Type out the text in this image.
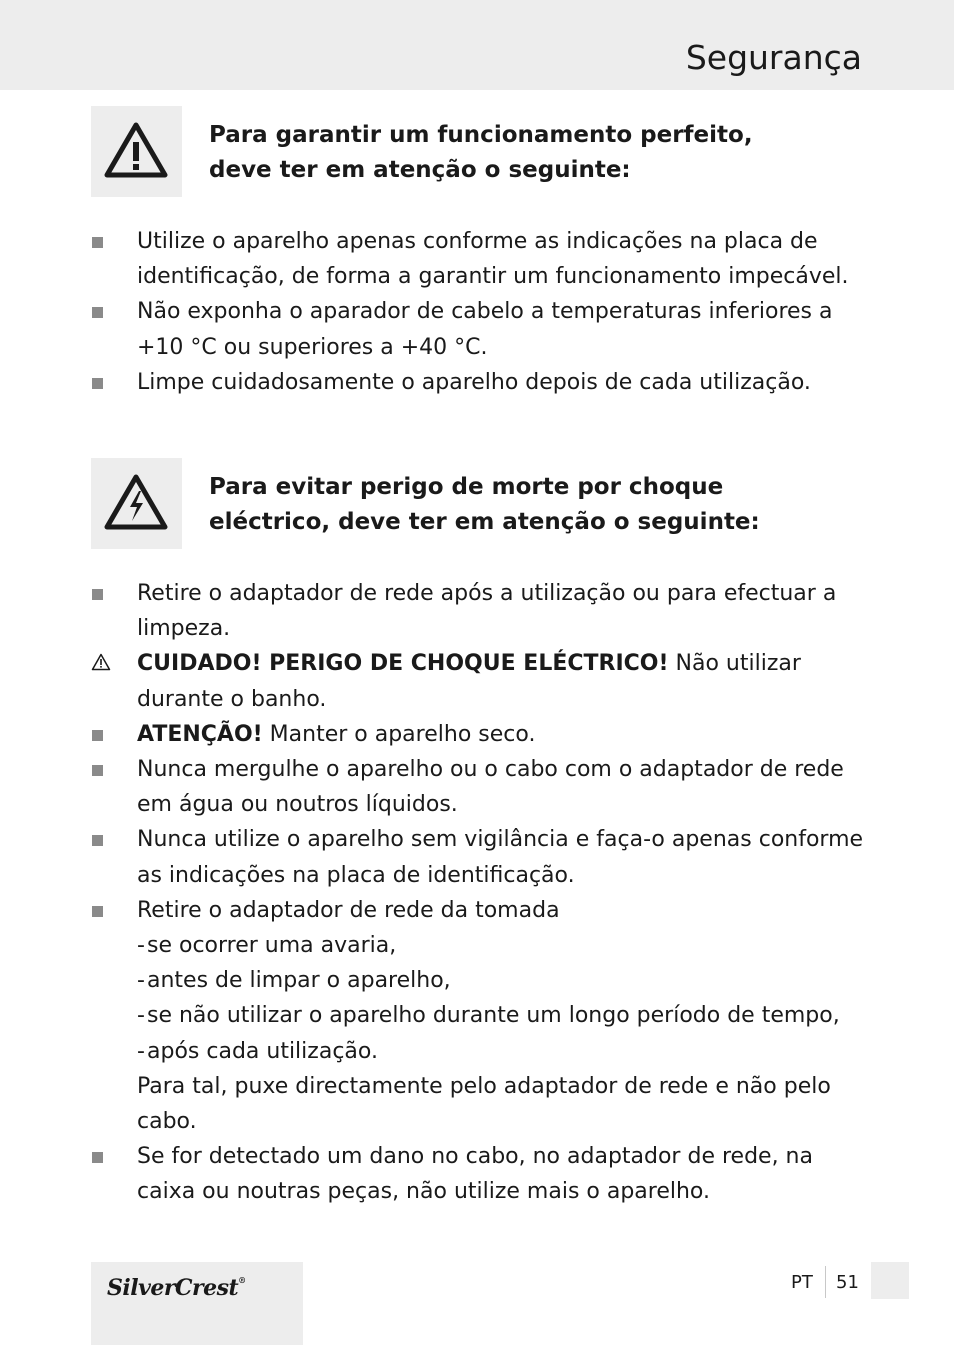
Segurança
Para garantir um funcionamento perfeito,
deve ter em atenção o seguinte:
Utilize o aparelho apenas conforme as indicações na placa de
identificação, de forma a garantir um funcionamento impecável.
Não exponha o aparador de cabelo a temperaturas inferiores a
+10 °C ou superiores a +40 °C.
Limpe cuidadosamente o aparelho depois de cada utilização.
Para evitar perigo de morte por choque
eléctrico, deve ter em atenção o seguinte:
Retire o adaptador de rede após a utilização ou para efectuar a
limpeza.
CUIDADO! PERIGO DE CHOQUE ELÉCTRICO! Não utilizar
durante o banho.
ATENÇÃO! Manter o aparelho seco.
Nunca mergulhe o aparelho ou o cabo com o adaptador de rede
em água ou noutros líquidos.
Nunca utilize o aparelho sem vigilância e faça-o apenas conforme
as indicações na placa de identificação.
Retire o adaptador de rede da tomada
-se ocorrer uma avaria,
-antes de limpar o aparelho,
-se não utilizar o aparelho durante um longo período de tempo,
-após cada utilização.
Para tal, puxe directamente pelo adaptador de rede e não pelo
cabo.
Se for detectado um dano no cabo, no adaptador de rede, na
caixa ou noutras peças, não utilize mais o aparelho.
SilverCrest®	PT 51
